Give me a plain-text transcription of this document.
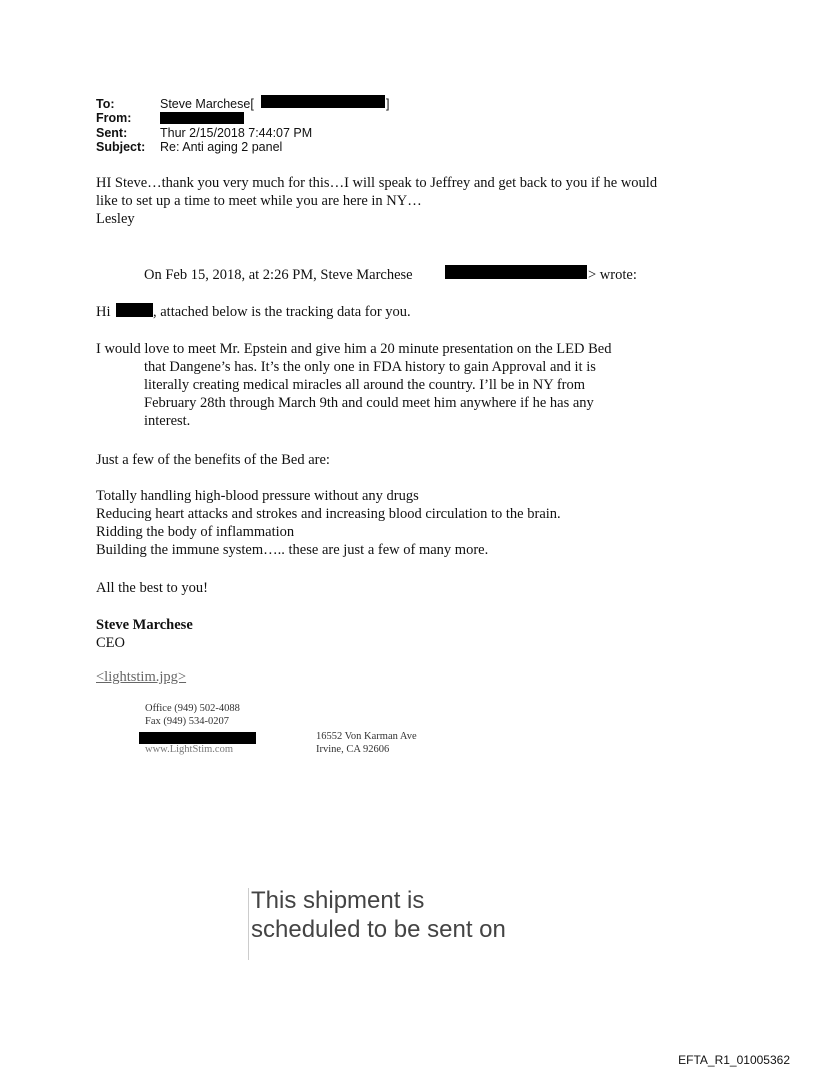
To:	Steve Marchese[	]
From:
Sent:	Thur 2/15/2018 7:44:07 PM
Subject: Re: Anti aging 2 panel
HI Steve…thank you very much for this…I will speak to Jeffrey and get back to you if he would
like to set up a time to meet while you are here in NY…
Lesley
On Feb 15, 2018, at 2:26 PM, Steve Marchese	> wrote:
Hi	, attached below is the tracking data for you.
I would love to meet Mr. Epstein and give him a 20 minute presentation on the LED Bed
that Dangene’s has. It’s the only one in FDA history to gain Approval and it is
literally creating medical miracles all around the country. I’ll be in NY from
February 28th through March 9th and could meet him anywhere if he has any
interest.
Just a few of the benefits of the Bed are:
Totally handling high-blood pressure without any drugs
Reducing heart attacks and strokes and increasing blood circulation to the brain.
Ridding the body of inflammation
Building the immune system….. these are just a few of many more.
All the best to you!
Steve Marchese
CEO
<lightstim.jpg>
Office (949) 502-4088
Fax (949) 534-0207
www.LightStim.com
16552 Von Karman Ave
Irvine, CA 92606
This shipment is
scheduled to be sent on
EFTA_R1_01005362
